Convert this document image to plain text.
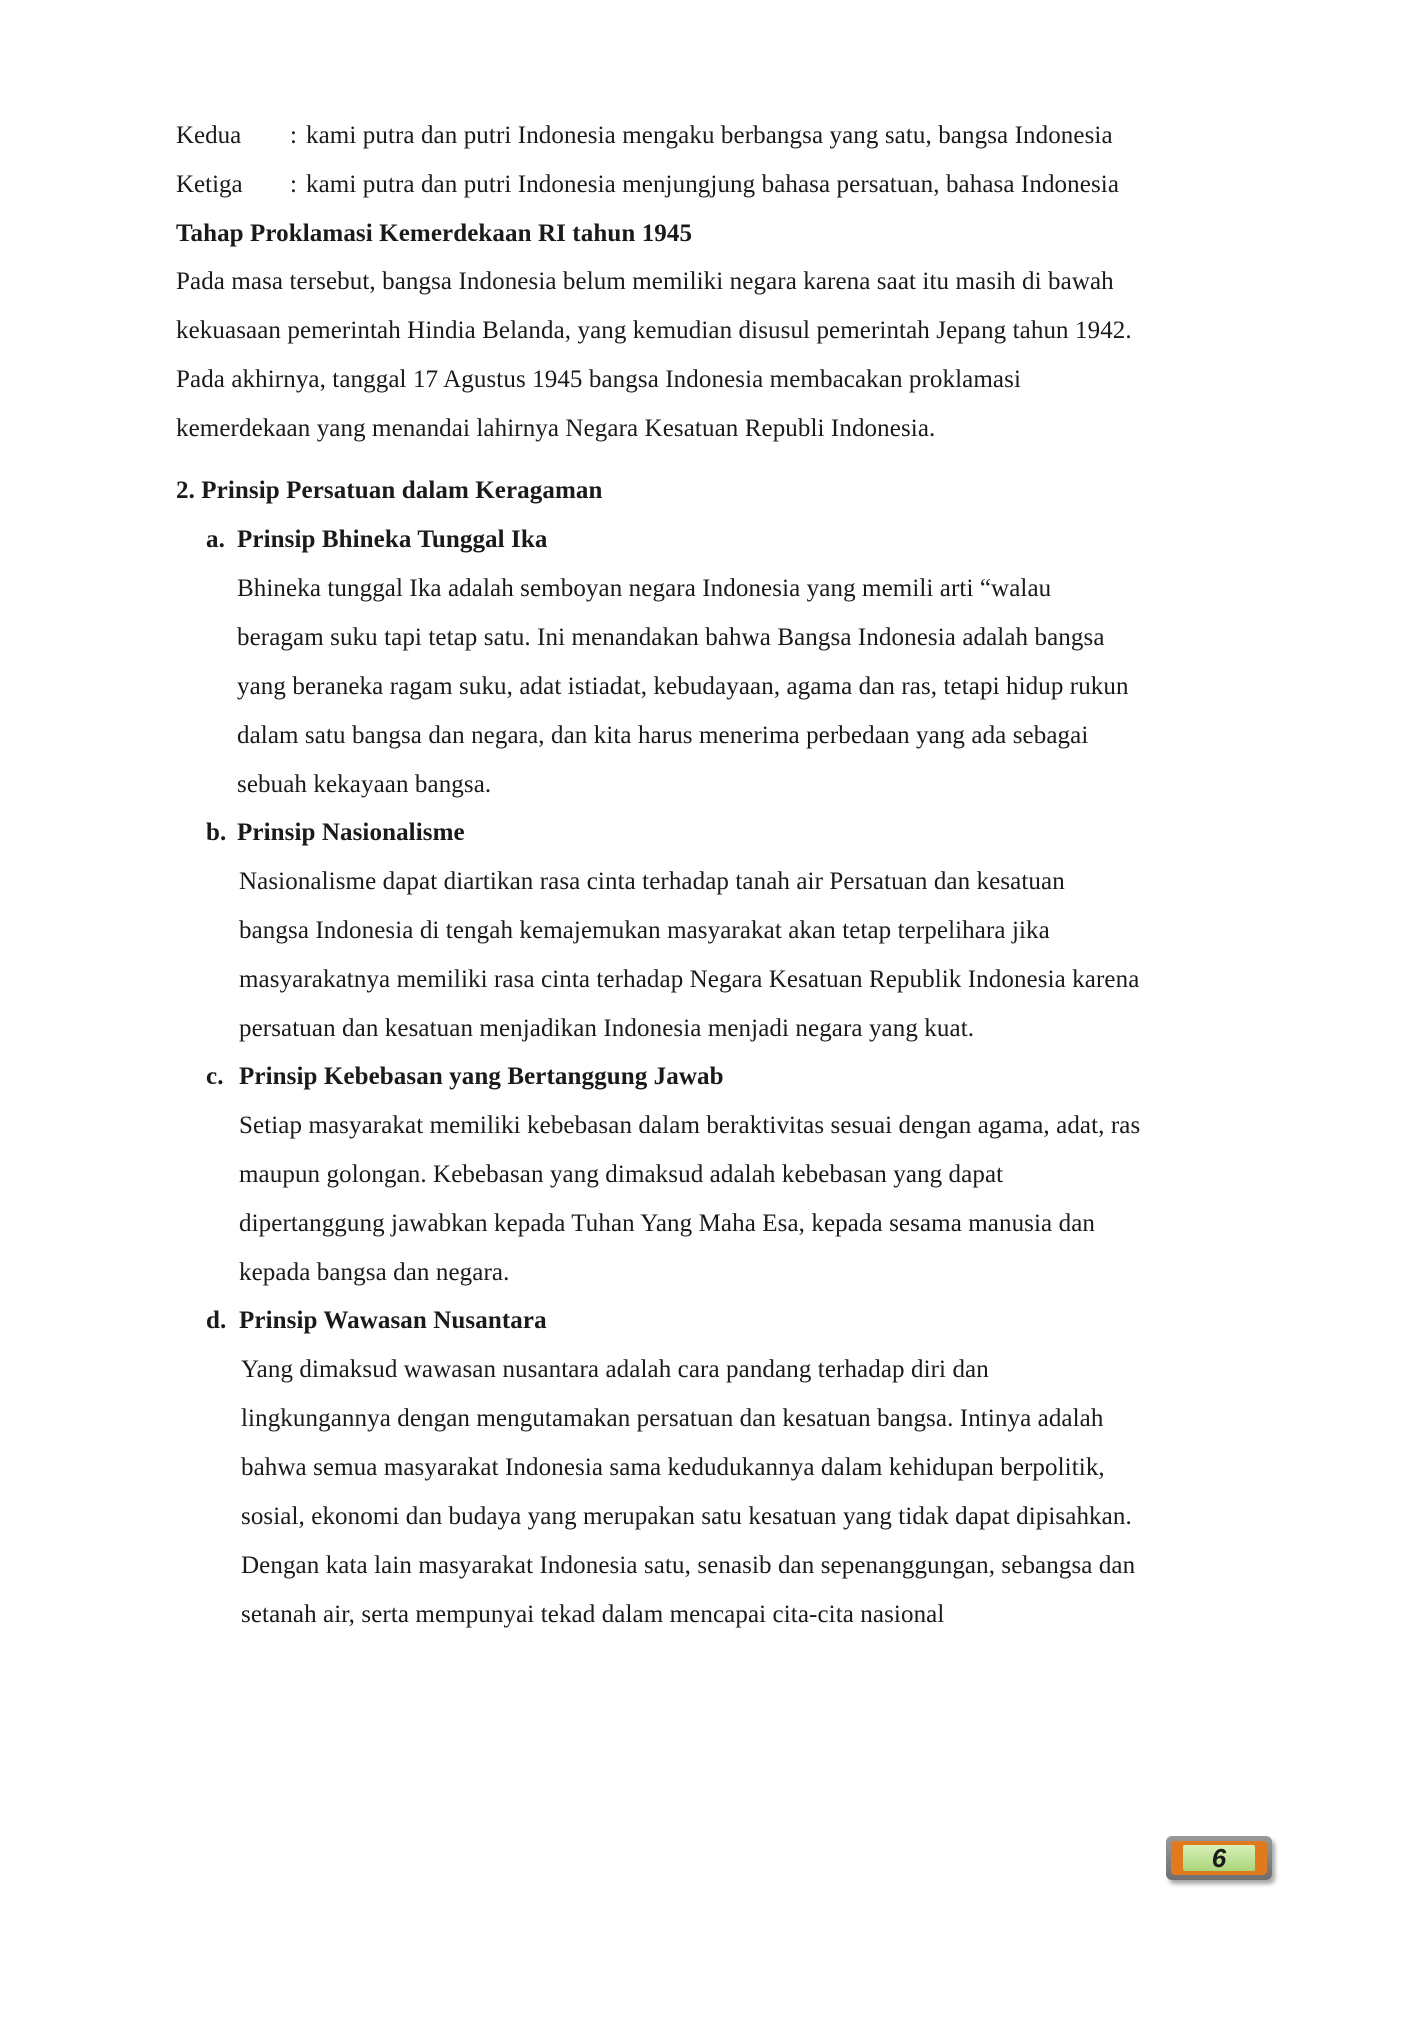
Kedua : kami putra dan putri Indonesia mengaku berbangsa yang satu, bangsa Indonesia
Ketiga : kami putra dan putri Indonesia menjungjung bahasa persatuan, bahasa Indonesia
Tahap Proklamasi Kemerdekaan RI tahun 1945
Pada masa tersebut, bangsa Indonesia belum memiliki negara karena saat itu masih di bawah
kekuasaan pemerintah Hindia Belanda, yang kemudian disusul pemerintah Jepang tahun 1942.
Pada akhirnya, tanggal 17 Agustus 1945 bangsa Indonesia membacakan proklamasi
kemerdekaan yang menandai lahirnya Negara Kesatuan Republi Indonesia.
2. Prinsip Persatuan dalam Keragaman
a. Prinsip Bhineka Tunggal Ika
Bhineka tunggal Ika adalah semboyan negara Indonesia yang memili arti “walau
beragam suku tapi tetap satu. Ini menandakan bahwa Bangsa Indonesia adalah bangsa
yang beraneka ragam suku, adat istiadat, kebudayaan, agama dan ras, tetapi hidup rukun
dalam satu bangsa dan negara, dan kita harus menerima perbedaan yang ada sebagai
sebuah kekayaan bangsa.
b. Prinsip Nasionalisme
Nasionalisme dapat diartikan rasa cinta terhadap tanah air Persatuan dan kesatuan
bangsa Indonesia di tengah kemajemukan masyarakat akan tetap terpelihara jika
masyarakatnya memiliki rasa cinta terhadap Negara Kesatuan Republik Indonesia karena
persatuan dan kesatuan menjadikan Indonesia menjadi negara yang kuat.
c. Prinsip Kebebasan yang Bertanggung Jawab
Setiap masyarakat memiliki kebebasan dalam beraktivitas sesuai dengan agama, adat, ras
maupun golongan. Kebebasan yang dimaksud adalah kebebasan yang dapat
dipertanggung jawabkan kepada Tuhan Yang Maha Esa, kepada sesama manusia dan
kepada bangsa dan negara.
d. Prinsip Wawasan Nusantara
Yang dimaksud wawasan nusantara adalah cara pandang terhadap diri dan
lingkungannya dengan mengutamakan persatuan dan kesatuan bangsa. Intinya adalah
bahwa semua masyarakat Indonesia sama kedudukannya dalam kehidupan berpolitik,
sosial, ekonomi dan budaya yang merupakan satu kesatuan yang tidak dapat dipisahkan.
Dengan kata lain masyarakat Indonesia satu, senasib dan sepenanggungan, sebangsa dan
setanah air, serta mempunyai tekad dalam mencapai cita-cita nasional
6
